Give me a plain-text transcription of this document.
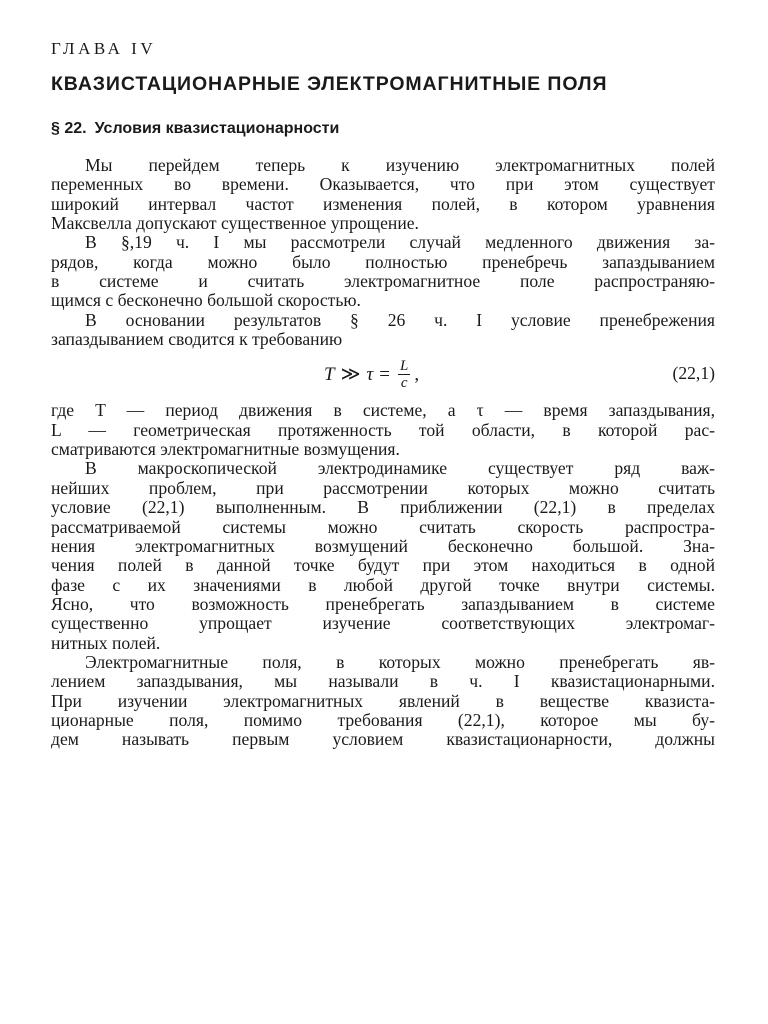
ГЛАВА IV
КВАЗИСТАЦИОНАРНЫЕ ЭЛЕКТРОМАГНИТНЫЕ ПОЛЯ
§ 22. Условия квазистационарности
Мы перейдем теперь к изучению электромагнитных полей
переменных во времени. Оказывается, что при этом существует
широкий интервал частот изменения полей, в котором уравнения
Максвелла допускают существенное упрощение.
В §,19 ч. I мы рассмотрели случай медленного движения за-
рядов, когда можно было полностью пренебречь запаздыванием
в системе и считать электромагнитное поле распространяю-
щимся с бесконечно большой скоростью.
В основании результатов § 26 ч. I условие пренебрежения
запаздыванием сводится к требованию
T ≫ $\tau = \frac{L}{c}$ ,	(22,1)
где T — период движения в системе, а τ — время запаздывания,
L — геометрическая протяженность той области, в которой рас-
сматриваются электромагнитные возмущения.
В макроскопической электродинамике существует ряд важ-
нейших проблем, при рассмотрении которых можно считать
условие (22,1) выполненным. В приближении (22,1) в пределах
рассматриваемой системы можно считать скорость распростра-
нения электромагнитных возмущений бесконечно большой. Зна-
чения полей в данной точке будут при этом находиться в одной
фазе с их значениями в любой другой точке внутри системы.
Ясно, что возможность пренебрегать запаздыванием в системе
существенно упрощает изучение соответствующих электромаг-
нитных полей.
Электромагнитные поля, в которых можно пренебрегать яв-
лением запаздывания, мы называли в ч. I квазистационарными.
При изучении электромагнитных явлений в веществе квазиста-
ционарные поля, помимо требования (22,1), которое мы бу-
дем называть первым условием квазистационарности, должны
